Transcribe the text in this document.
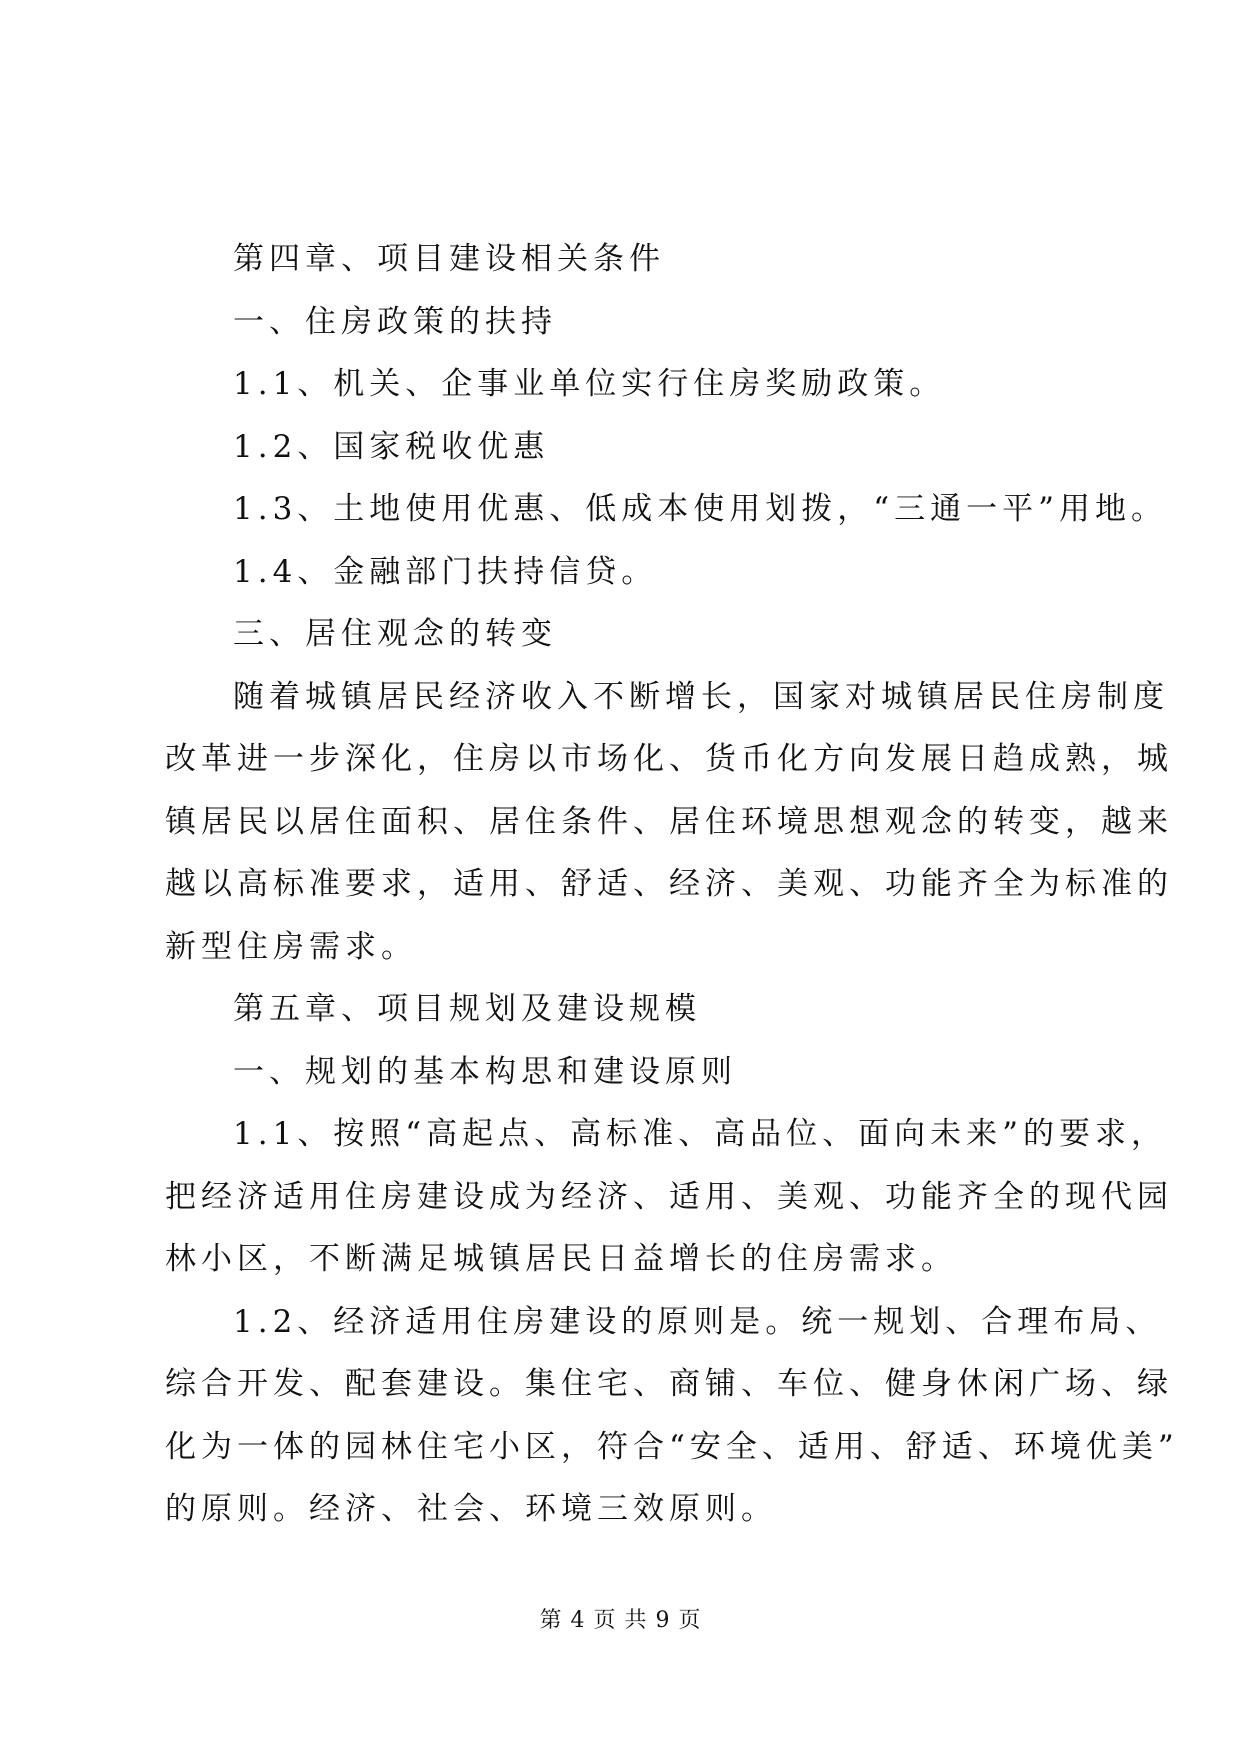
第四章、项目建设相关条件

一、住房政策的扶持

1.1、机关、企事业单位实行住房奖励政策。

1.2、国家税收优惠

1.3、土地使用优惠、低成本使用划拨，“三通一平”用地。

1.4、金融部门扶持信贷。

三、居住观念的转变

随着城镇居民经济收入不断增长，国家对城镇居民住房制度
改革进一步深化，住房以市场化、货币化方向发展日趋成熟，城
镇居民以居住面积、居住条件、居住环境思想观念的转变，越来
越以高标准要求，适用、舒适、经济、美观、功能齐全为标准的
新型住房需求。

第五章、项目规划及建设规模

一、规划的基本构思和建设原则

1.1、按照“高起点、高标准、高品位、面向未来”的要求，
把经济适用住房建设成为经济、适用、美观、功能齐全的现代园
林小区，不断满足城镇居民日益增长的住房需求。
1.2、经济适用住房建设的原则是。统一规划、合理布局、
综合开发、配套建设。集住宅、商铺、车位、健身休闲广场、绿
化为一体的园林住宅小区，符合“安全、适用、舒适、环境优美”
的原则。经济、社会、环境三效原则。
第 4 页 共 9 页
